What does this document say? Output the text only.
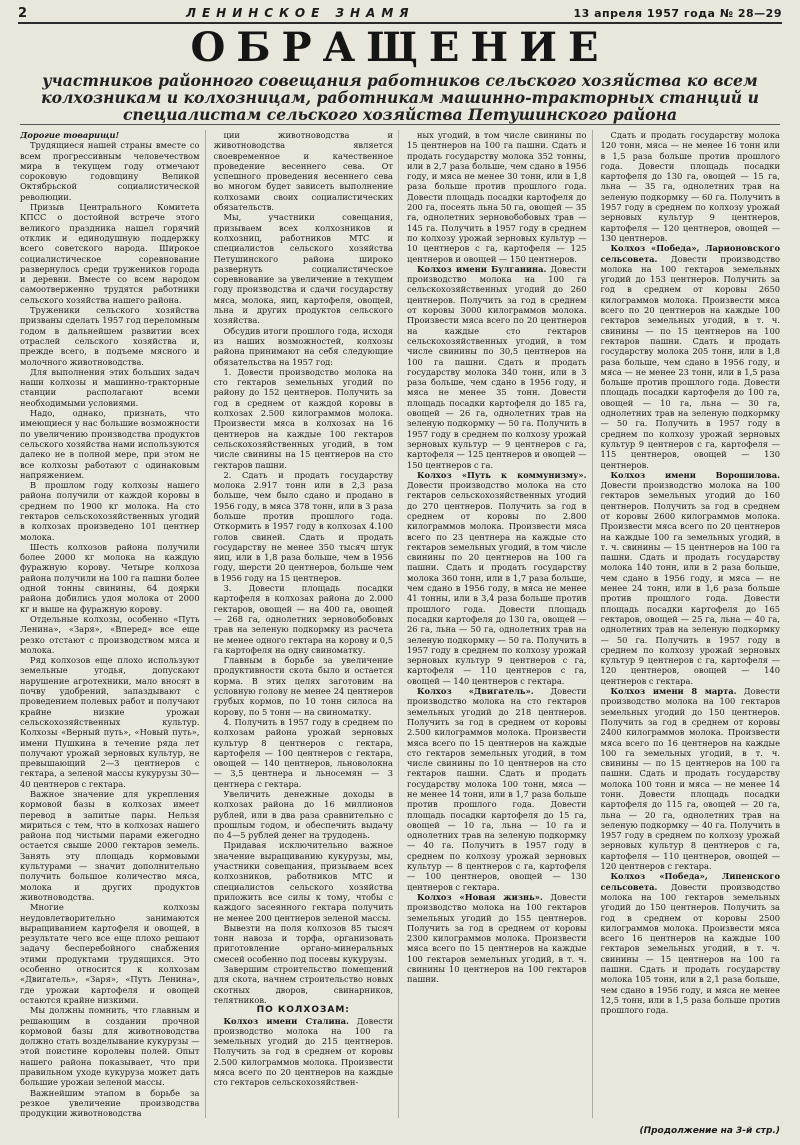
2	ЛЕНИНСКОЕ ЗНАМЯ	13 апреля 1957 года № 28—29
ОБРАЩЕНИЕ
участников районного совещания работников сельского хозяйства ко всем колхозникам и колхозницам, работникам машинно-тракторных станций и специалистам сельского хозяйства Петушинского района

Дорогие товарищи!

Трудящиеся нашей страны вместе со всем прогрессивным человечеством мира в текущем году отмечают сороковую годовщину Великой Октябрьской социалистической революции.

Призыв Центрального Комитета КПСС о достойной встрече этого великого праздника нашел горячий отклик и единодушную поддержку всего советского народа. Широкое социалистическое соревнование развернулось среди тружеников города и деревни. Вместе со всем народом самоотверженно трудятся работники сельского хозяйства нашего района.

Труженики сельского хозяйства призваны сделать 1957 год переломным годом в дальнейшем развитии всех отраслей сельского хозяйства и, прежде всего, в подъеме мясного и молочного животноводства.

Для выполнения этих больших задач наши колхозы и машинно-тракторные станции располагают всеми необходимыми условиями.

Надо, однако, признать, что имеющиеся у нас большие возможности по увеличению производства продуктов сельского хозяйства нами используются далеко не в полной мере, при этом не все колхозы работают с одинаковым напряжением.

В прошлом году колхозы нашего района получили от каждой коровы в среднем по 1900 кг молока. На сто гектаров сельскохозяйственных угодий в колхозах произведено 101 центнер молока.

Шесть колхозов района получили более 2000 кг молока на каждую фуражную корову. Четыре колхоза района получили на 100 га пашни более одной тонны свинины, 64 доярки района добились удоя молока от 2000 кг и выше на фуражную корову.

Отдельные колхозы, особенно «Путь Ленина», «Заря», «Вперед» все еще резко отстают с производством мяса и молока.

Ряд колхозов еще плохо используют земельные угодья, допускают нарушение агротехники, мало вносят в почву удобрений, запаздывают с проведением полевых работ и получают крайне низкие урожаи сельскохозяйственных культур. Колхозы «Верный путь», «Новый путь», имени Пушкина в течение ряда лет получают урожай зерновых культур, не превышающий 2—3 центнеров с гектара, а зеленой массы кукурузы 30—40 центнеров с гектара.

Важное значение для укрепления кормовой базы в колхозах имеет перевод в запитые пары. Нельзя мириться с тем, что в колхозах нашего района под чистыми парами ежегодно остается свыше 2000 гектаров земель. Занять эту площадь кормовыми культурами — значит дополнительно получить большое количество мяса, молока и других продуктов животноводства.

Многие колхозы неудовлетворительно занимаются выращиванием картофеля и овощей, в результате чего все еще плохо решают задачу бесперебойного снабжения этими продуктами трудящихся. Это особенно относится к колхозам «Двигатель», «Заря», «Путь Ленина», где урожаи картофеля и овощей остаются крайне низкими.

Мы должны помнить, что главным и решающим в создании прочной кормовой базы для животноводства должно стать возделывание кукурузы — этой поистине королевы полей. Опыт нашего района показывает, что при правильном уходе кукуруза может дать большие урожаи зеленой массы.

Важнейшим этапом в борьбе за резкое увеличение производства продукции животноводства

ции животноводства и животноводства является своевременное и качественное проведение весеннего сева. От успешного проведения весеннего сева во многом будет зависеть выполнение колхозами своих социалистических обязательств.

Мы, участники совещания, призываем всех колхозников и колхозниц, работников МТС и специалистов сельского хозяйства Петушинского района широко развернуть социалистическое соревнование за увеличение в текущем году производства и сдачи государству мяса, молока, яиц, картофеля, овощей, льна и других продуктов сельского хозяйства.

Обсудив итоги прошлого года, исходя из наших возможностей, колхозы района принимают на себя следующие обязательства на 1957 год:

1. Довести производство молока на сто гектаров земельных угодий по району до 152 центнеров. Получить за год в среднем от каждой коровы в колхозах 2.500 килограммов молока. Произвести мяса в колхозах на 16 центнеров на каждые 100 гектаров сельскохозяйственных угодий, в том числе свинины на 15 центнеров на сто гектаров пашни.

2. Сдать и продать государству молока 2.917 тонн или в 2,3 раза больше, чем было сдано и продано в 1956 году, в мяса 378 тонн, или в 3 раза больше против прошлого года. Откормить в 1957 году в колхозах 4.100 голов свиней. Сдать и продать государству не менее 350 тысяч штук яиц, или в 1,8 раза больше, чем в 1956 году, шерсти 20 центнеров, больше чем в 1956 году на 15 центнеров.

3. Довести площадь посадки картофеля в колхозах района до 2.000 гектаров, овощей — на 400 га, овощей — 268 га, однолетних зерновобобовых трав на зеленую подкормку из расчета не менее одного гектара на корову и 0,5 га картофеля на одну свиноматку.

Главным в борьбе за увеличение продуктивности скота было и остается корма. В этих целях заготовим на условную голову не менее 24 центнеров грубых кормов, по 10 тонн силоса на корову, по 5 тонн — на свиноматку.

4. Получить в 1957 году в среднем по колхозам района урожай зерновых культур 8 центнеров с гектара, картофеля — 100 центнеров с гектара, овощей — 140 центнеров, льноволокна — 3,5 центнера и льносемян — 3 центнера с гектара.

Увеличить денежные доходы в колхозах района до 16 миллионов рублей, или в два раза сравнительно с прошлым годом, и обеспечить выдачу по 4—5 рублей денег на трудодень.

Придавая исключительно важное значение выращиванию кукурузы, мы, участники совещания, призываем всех колхозников, работников МТС и специалистов сельского хозяйства приложить все силы к тому, чтобы с каждого засеянного гектара получить не менее 200 центнеров зеленой массы.

Вывезти на поля колхозов 85 тысяч тонн навоза и торфа, организовать приготовление органо-минеральных смесей особенно под посевы кукурузы.

Завершим строительство помещений для скота, начнем строительство новых скотных дворов, свинарников, телятников.

ПО КОЛХОЗАМ:

Колхоз имени Сталина. Довести производство молока на 100 га земельных угодий до 215 центнеров. Получить за год в среднем от коровы 2.500 килограммов молока. Произвести мяса всего по 20 центнеров на каждые сто гектаров сельскохозяйствен-

ных угодий, в том числе свинины по 15 центнеров на 100 га пашни. Сдать и продать государству молока 352 тонны, или в 2,7 раза больше, чем сдано в 1956 году, и мяса не менее 30 тонн, или в 1,8 раза больше против прошлого года. Довести площадь посадки картофеля до 200 га, посеять льна 50 га, овощей — 35 га, однолетних зерновобобовых трав — 145 га. Получить в 1957 году в среднем по колхозу урожай зерновых культур — 10 центнеров с га, картофеля — 125 центнеров и овощей — 150 центнеров.

Колхоз имени Булганина. Довести производство молока на 100 га сельскохозяйственных угодий до 260 центнеров. Получить за год в среднем от коровы 3000 килограммов молока. Произвести мяса всего по 20 центнеров на каждые сто гектаров сельскохозяйственных угодий, в том числе свинины по 30,5 центнеров на 100 га пашни. Сдать и продать государству молока 340 тонн, или в 3 раза больше, чем сдано в 1956 году, и мяса не менее 35 тонн. Довести площадь посадки картофеля до 185 га, овощей — 26 га, однолетних трав на зеленую подкормку — 50 га. Получить в 1957 году в среднем по колхозу урожай зерновых культур — 9 центнеров с га, картофеля — 125 центнеров и овощей — 150 центнеров с га.

Колхоз «Путь к коммунизму». Довести производство молока на сто гектаров сельскохозяйственных угодий до 270 центнеров. Получить за год в среднем от коровы по 2.800 килограммов молока. Произвести мяса всего по 23 центнера на каждые сто гектаров земельных угодий, в том числе свинины по 20 центнеров на 100 га пашни. Сдать и продать государству молока 360 тонн, или в 1,7 раза больше, чем сдано в 1956 году, в мяса не менее 41 тонны, или в 3,4 раза больше против прошлого года. Довести площадь посадки картофеля до 130 га, овощей — 26 га, льна — 50 га, однолетних трав на зеленую подкормку — 50 га. Получить в 1957 году в среднем по колхозу урожай зерновых культур 9 центнеров с га, картофеля — 110 центнеров с га, овощей — 140 центнеров с гектара.

Колхоз «Двигатель». Довести производство молока на сто гектаров земельных угодий до 218 центнеров. Получить за год в среднем от коровы 2.500 килограммов молока. Произвести мяса всего по 15 центнеров на каждые сто гектаров земельных угодий, в том числе свинины по 10 центнеров на сто гектаров пашни. Сдать и продать государству молока 100 тонн, мяса — не менее 14 тонн, или в 1,7 раза больше против прошлого года. Довести площадь посадки картофеля до 15 га, овощей — 10 га, льна — 10 га и однолетних трав на зеленую подкормку — 40 га. Получить в 1957 году в среднем по колхозу урожай зерновых культур — 8 центнеров с га, картофеля — 100 центнеров, овощей — 130 центнеров с гектара.

Колхоз «Новая жизнь». Довести производство молока на 100 гектаров земельных угодий до 155 центнеров. Получить за год в среднем от коровы 2300 килограммов молока. Произвести мяса всего по 15 центнеров на каждые 100 гектаров земельных угодий, в т. ч. свинины 10 центнеров на 100 гектаров пашни.

Сдать и продать государству молока 120 тонн, мяса — не менее 16 тонн или в 1,5 раза больше против прошлого года. Довести площадь посадки картофеля до 130 га, овощей — 15 га, льна — 35 га, однолетних трав на зеленую подкормку — 60 га. Получить в 1957 году в среднем по колхозу урожай зерновых культур 9 центнеров, картофеля — 120 центнеров, овощей — 130 центнеров.

Колхоз «Победа», Ларионовского сельсовета. Довести производство молока на 100 гектаров земельных угодий до 153 центнеров. Получить за год в среднем от коровы 2650 килограммов молока. Произвести мяса всего по 20 центнеров на каждые 100 гектаров земельных угодий, в т. ч. свинины — по 15 центнеров на 100 гектаров пашни. Сдать и продать государству молока 205 тонн, или в 1,8 раза больше, чем сдано в 1956 году, и мяса — не менее 23 тонн, или в 1,5 раза больше против прошлого года. Довести площадь посадки картофеля до 100 га, овощей — 10 га, льна — 30 га, однолетних трав на зеленую подкормку — 50 га. Получить в 1957 году в среднем по колхозу урожай зерновых культур 9 центнеров с га, картофеля — 115 центнеров, овощей — 130 центнеров.

Колхоз имени Ворошилова. Довести производство молока на 100 гектаров земельных угодий до 160 центнеров. Получить за год в среднем от коровы 2600 килограммов молока. Произвести мяса всего по 20 центнеров на каждые 100 га земельных угодий, в т. ч. свинины — 15 центнеров на 100 га пашни. Сдать и продать государству молока 140 тонн, или в 2 раза больше, чем сдано в 1956 году, и мяса — не менее 24 тонн, или в 1,6 раза больше против прошлого года. Довести площадь посадки картофеля до 165 гектаров, овощей — 25 га, льна — 40 га, однолетних трав на зеленую подкормку — 50 га. Получить в 1957 году в среднем по колхозу урожай зерновых культур 9 центнеров с га, картофеля — 120 центнеров, овощей — 140 центнеров с гектара.

Колхоз имени 8 марта. Довести производство молока на 100 гектаров земельных угодий до 150 центнеров. Получить за год в среднем от коровы 2400 килограммов молока. Произвести мяса всего по 16 центнеров на каждые 100 га земельных угодий, в т. ч. свинины — по 15 центнеров на 100 га пашни. Сдать и продать государству молока 100 тонн и мяса — не менее 14 тонн. Довести площадь посадки картофеля до 115 га, овощей — 20 га, льна — 20 га, однолетних трав на зеленую подкормку — 40 га. Получить в 1957 году в среднем по колхозу урожай зерновых культур 8 центнеров с га, картофеля — 110 центнеров, овощей — 120 центнеров с гектара.

Колхоз «Победа», Липенского сельсовета. Довести производство молока на 100 гектаров земельных угодий до 150 центнеров. Получить за год в среднем от коровы 2500 килограммов молока. Произвести мяса всего 16 центнеров на каждые 100 гектаров земельных угодий, в т. ч. свинины — 15 центнеров на 100 га пашни. Сдать и продать государству молока 105 тонн, или в 2,1 раза больше, чем сдано в 1956 году, и мяса не менее 12,5 тонн, или в 1,5 раза больше против прошлого года.

(Продолжение на 3-й стр.)
